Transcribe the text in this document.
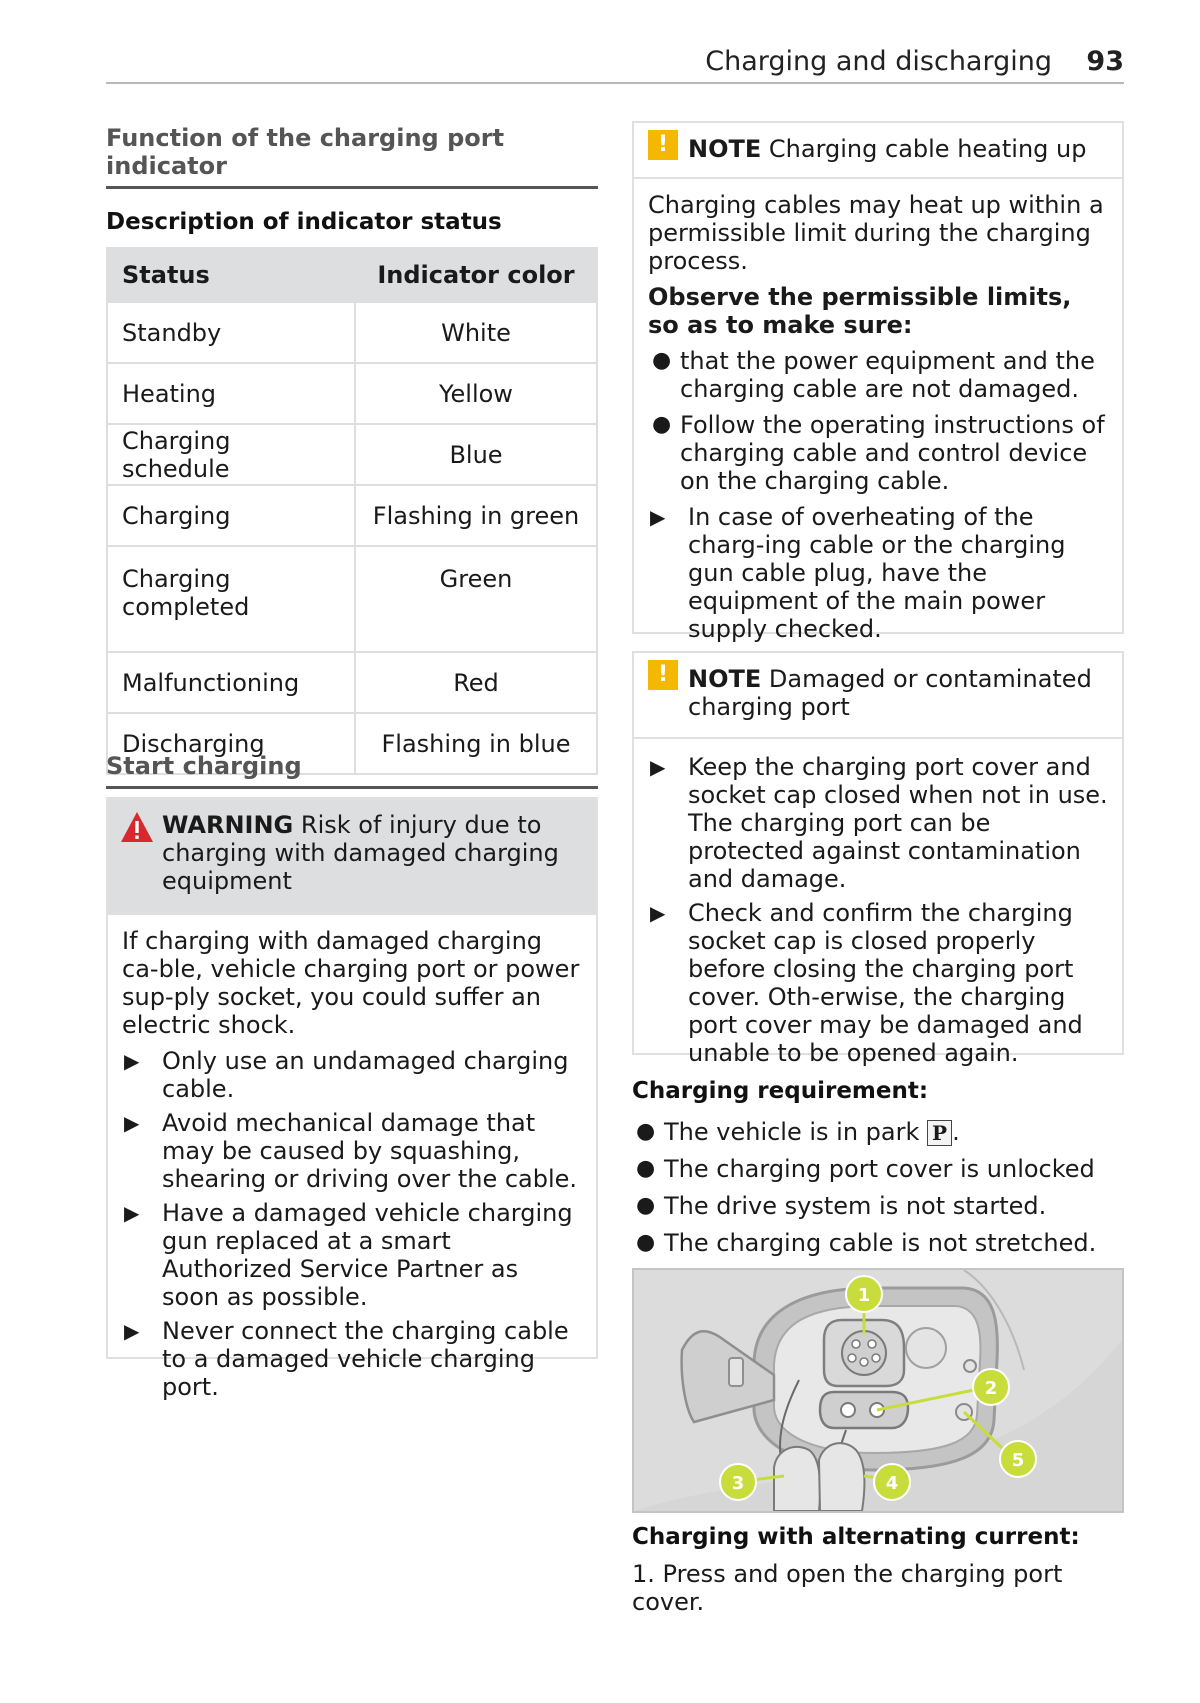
Charging and discharging 93
Function of the charging port indicator
Description of indicator status
Status	Indicator color
Standby	White
Heating	Yellow
Charging schedule	Blue
Charging	Flashing in green
Charging completed	Green
Malfunctioning	Red
Discharging	Flashing in blue
Start charging
WARNING Risk of injury due to charging with damaged charging equipment
If charging with damaged charging ca-ble, vehicle charging port or power sup-ply socket, you could suffer an electric shock.
▶ Only use an undamaged charging cable.
▶ Avoid mechanical damage that may be caused by squashing, shearing or driving over the cable.
▶ Have a damaged vehicle charging gun replaced at a smart Authorized Service Partner as soon as possible.
▶ Never connect the charging cable to a damaged vehicle charging port.
! NOTE Charging cable heating up
Charging cables may heat up within a permissible limit during the charging process.
Observe the permissible limits, so as to make sure:
● that the power equipment and the charging cable are not damaged.
● Follow the operating instructions of charging cable and control device on the charging cable.
▶ In case of overheating of the charg-ing cable or the charging gun cable plug, have the equipment of the main power supply checked.
! NOTE Damaged or contaminated charging port
▶ Keep the charging port cover and socket cap closed when not in use. The charging port can be protected against contamination and damage.
▶ Check and confirm the charging socket cap is closed properly before closing the charging port cover. Oth-erwise, the charging port cover may be damaged and unable to be opened again.
Charging requirement:
● The vehicle is in park P .
● The charging port cover is unlocked
● The drive system is not started.
● The charging cable is not stretched.
1
2
3	4
5
Charging with alternating current:
1. Press and open the charging port cover.
